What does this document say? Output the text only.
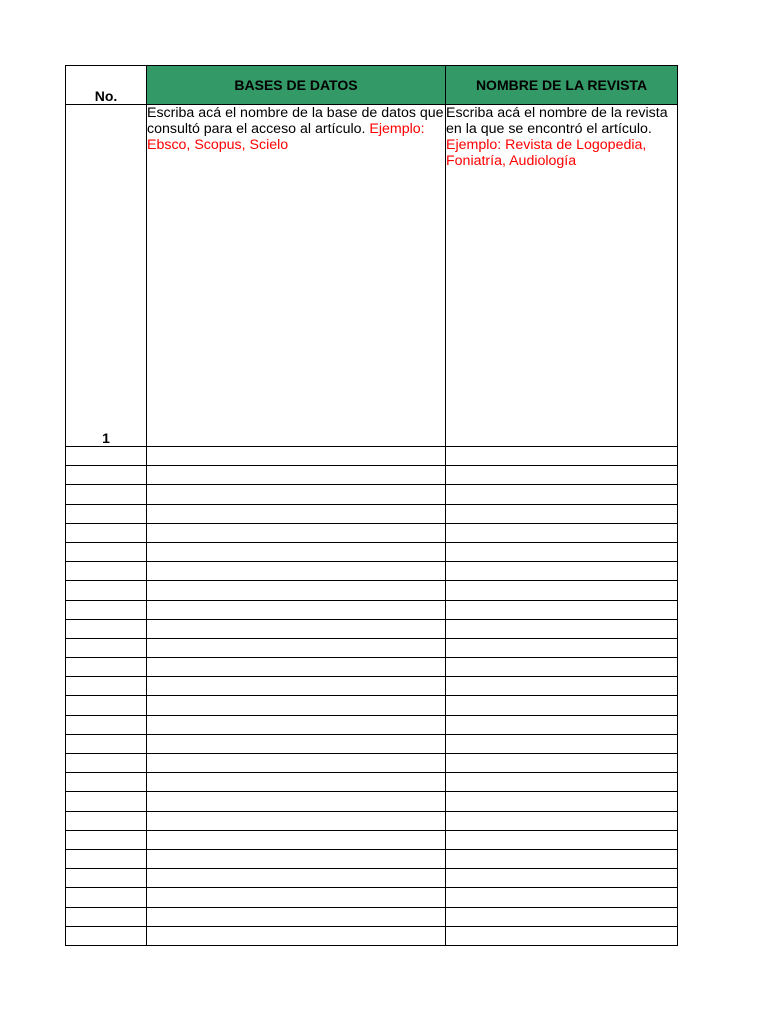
No.	BASES DE DATOS	NOMBRE DE LA REVISTA
1	Escriba acá el nombre de la base de datos que consultó para el acceso al artículo. Ejemplo: Ebsco, Scopus, Scielo	Escriba acá el nombre de la revista en la que se encontró el artículo. Ejemplo: Revista de Logopedia, Foniatría, Audiología
